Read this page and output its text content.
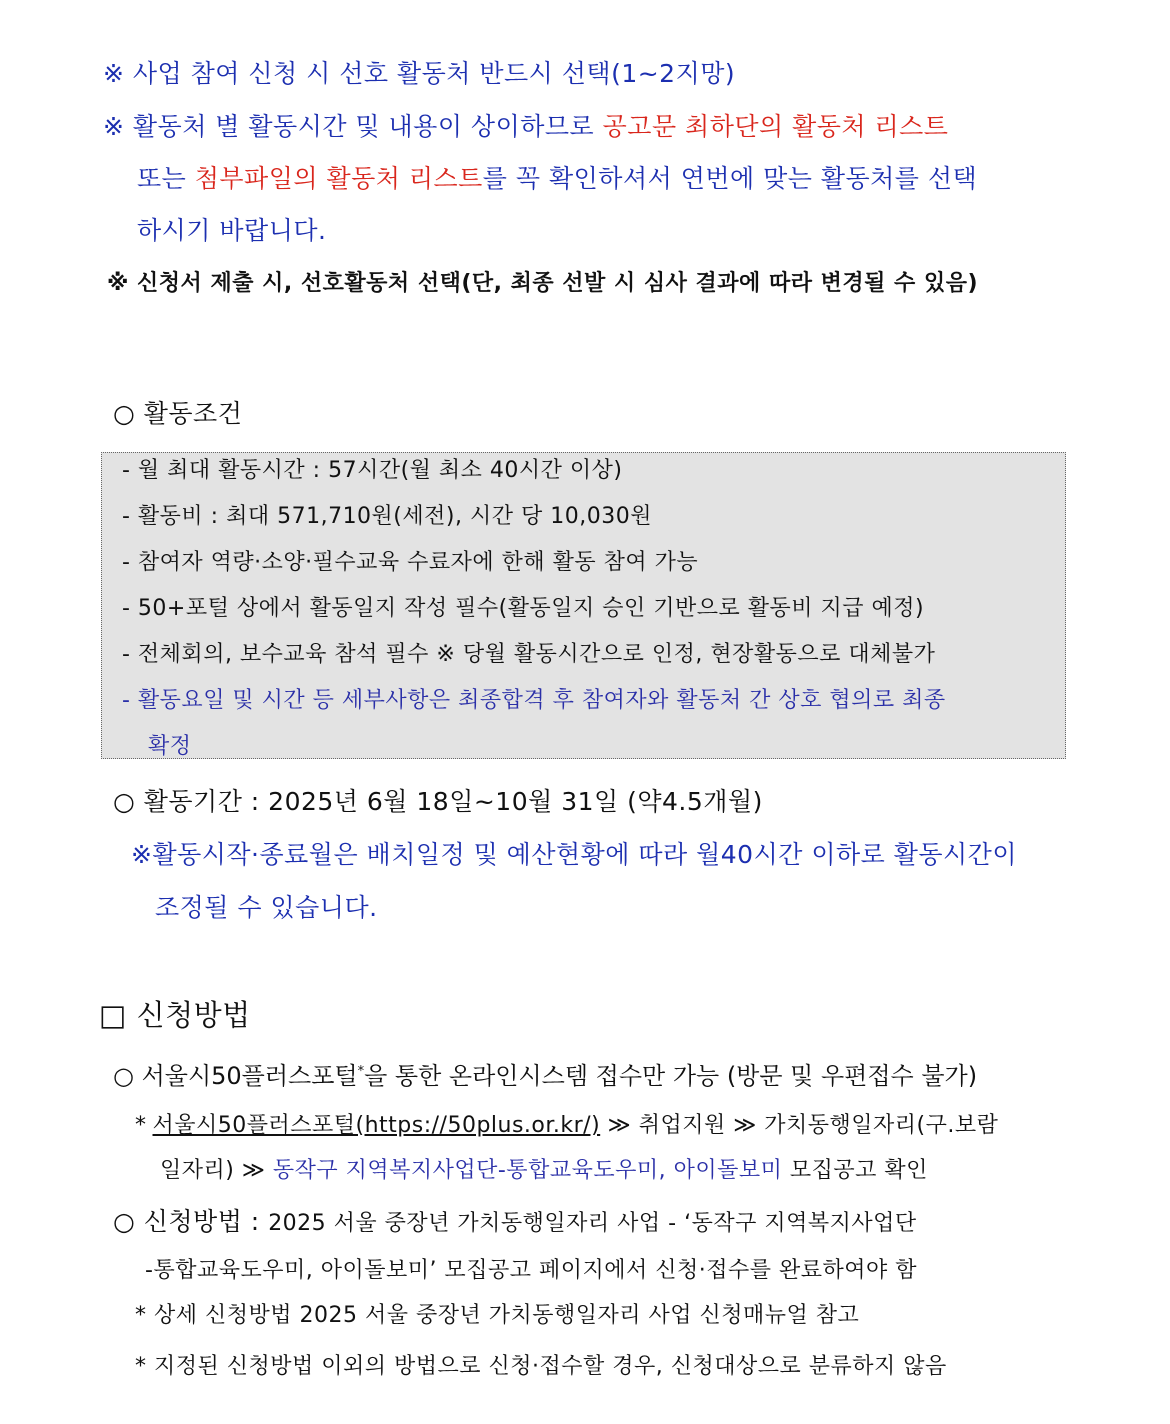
※ 사업 참여 신청 시 선호 활동처 반드시 선택(1~2지망)
※ 활동처 별 활동시간 및 내용이 상이하므로 공고문 최하단의 활동처 리스트
또는 첨부파일의 활동처 리스트를 꼭 확인하셔서 연번에 맞는 활동처를 선택
하시기 바랍니다.
※ 신청서 제출 시, 선호활동처 선택(단, 최종 선발 시 심사 결과에 따라 변경될 수 있음)
○ 활동조건
- 월 최대 활동시간 : 57시간(월 최소 40시간 이상)
- 활동비 : 최대 571,710원(세전), 시간 당 10,030원
- 참여자 역량·소양·필수교육 수료자에 한해 활동 참여 가능
- 50+포털 상에서 활동일지 작성 필수(활동일지 승인 기반으로 활동비 지급 예정)
- 전체회의, 보수교육 참석 필수 ※ 당월 활동시간으로 인정, 현장활동으로 대체불가
- 활동요일 및 시간 등 세부사항은 최종합격 후 참여자와 활동처 간 상호 협의로 최종
확정
○ 활동기간 : 2025년 6월 18일~10월 31일 (약4.5개월)
※활동시작·종료월은 배치일정 및 예산현황에 따라 월40시간 이하로 활동시간이
조정될 수 있습니다.
□ 신청방법
○ 서울시50플러스포털*을 통한 온라인시스템 접수만 가능 (방문 및 우편접수 불가)
* 서울시50플러스포털(https://50plus.or.kr/) ≫ 취업지원 ≫ 가치동행일자리(구.보람
일자리) ≫ 동작구 지역복지사업단-통합교육도우미, 아이돌보미 모집공고 확인
○ 신청방법 : 2025 서울 중장년 가치동행일자리 사업 - ‘동작구 지역복지사업단
-통합교육도우미, 아이돌보미’ 모집공고 페이지에서 신청·접수를 완료하여야 함
* 상세 신청방법 2025 서울 중장년 가치동행일자리 사업 신청매뉴얼 참고
* 지정된 신청방법 이외의 방법으로 신청·접수할 경우, 신청대상으로 분류하지 않음
